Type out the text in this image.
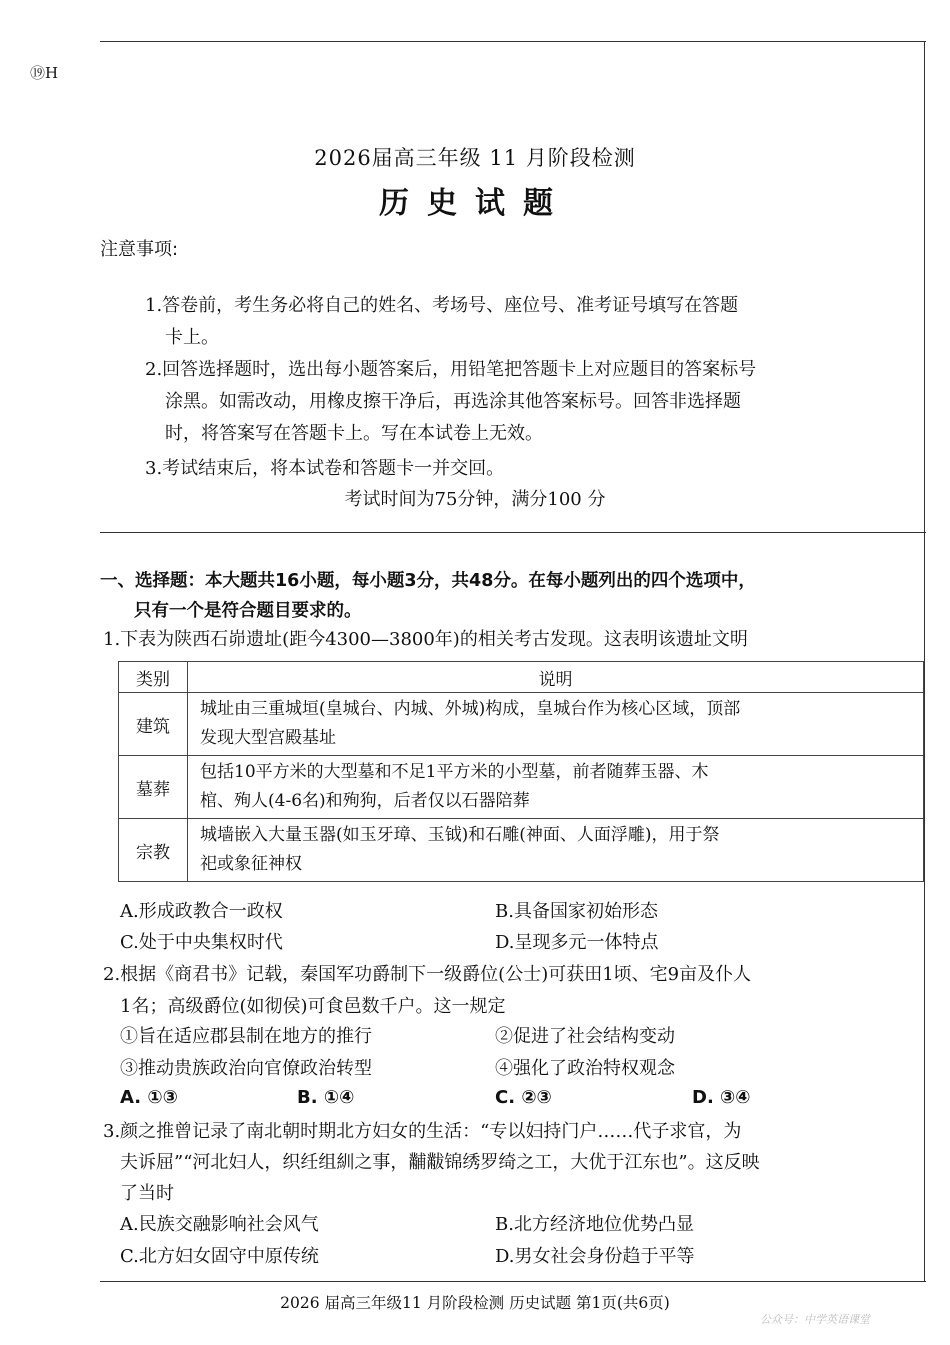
⑲H
2026届高三年级 11 月阶段检测
历史试题
注意事项:
1.答卷前，考生务必将自己的姓名、考场号、座位号、准考证号填写在答题
卡上。
2.回答选择题时，选出每小题答案后，用铅笔把答题卡上对应题目的答案标号
涂黑。如需改动，用橡皮擦干净后，再选涂其他答案标号。回答非选择题
时，将答案写在答题卡上。写在本试卷上无效。
3.考试结束后，将本试卷和答题卡一并交回。
考试时间为75分钟，满分100 分
一、选择题：本大题共16小题，每小题3分，共48分。在每小题列出的四个选项中，
只有一个是符合题目要求的。
1.下表为陕西石峁遗址(距今4300—3800年)的相关考古发现。这表明该遗址文明
类别	说明
建筑	城址由三重城垣(皇城台、内城、外城)构成，皇城台作为核心区域，顶部
发现大型宫殿基址

墓葬	包括10平方米的大型墓和不足1平方米的小型墓，前者随葬玉器、木
棺、殉人(4-6名)和殉狗，后者仅以石器陪葬

宗教	城墙嵌入大量玉器(如玉牙璋、玉钺)和石雕(神面、人面浮雕)，用于祭
祀或象征神权
A.形成政教合一政权	B.具备国家初始形态
C.处于中央集权时代	D.呈现多元一体特点
2.根据《商君书》记载，秦国军功爵制下一级爵位(公士)可获田1顷、宅9亩及仆人
1名；高级爵位(如彻侯)可食邑数千户。这一规定
①旨在适应郡县制在地方的推行	②促进了社会结构变动
③推动贵族政治向官僚政治转型	④强化了政治特权观念
A. ①③	B. ①④	C. ②③	D. ③④
3.颜之推曾记录了南北朝时期北方妇女的生活：“专以妇持门户……代子求官，为
夫诉屈”“河北妇人，织纴组紃之事，黼黻锦绣罗绮之工，大优于江东也”。这反映
了当时
A.民族交融影响社会风气	B.北方经济地位优势凸显
C.北方妇女固守中原传统	D.男女社会身份趋于平等
2026 届高三年级11 月阶段检测 历史试题 第1页(共6页)
公众号：中学英语课堂
